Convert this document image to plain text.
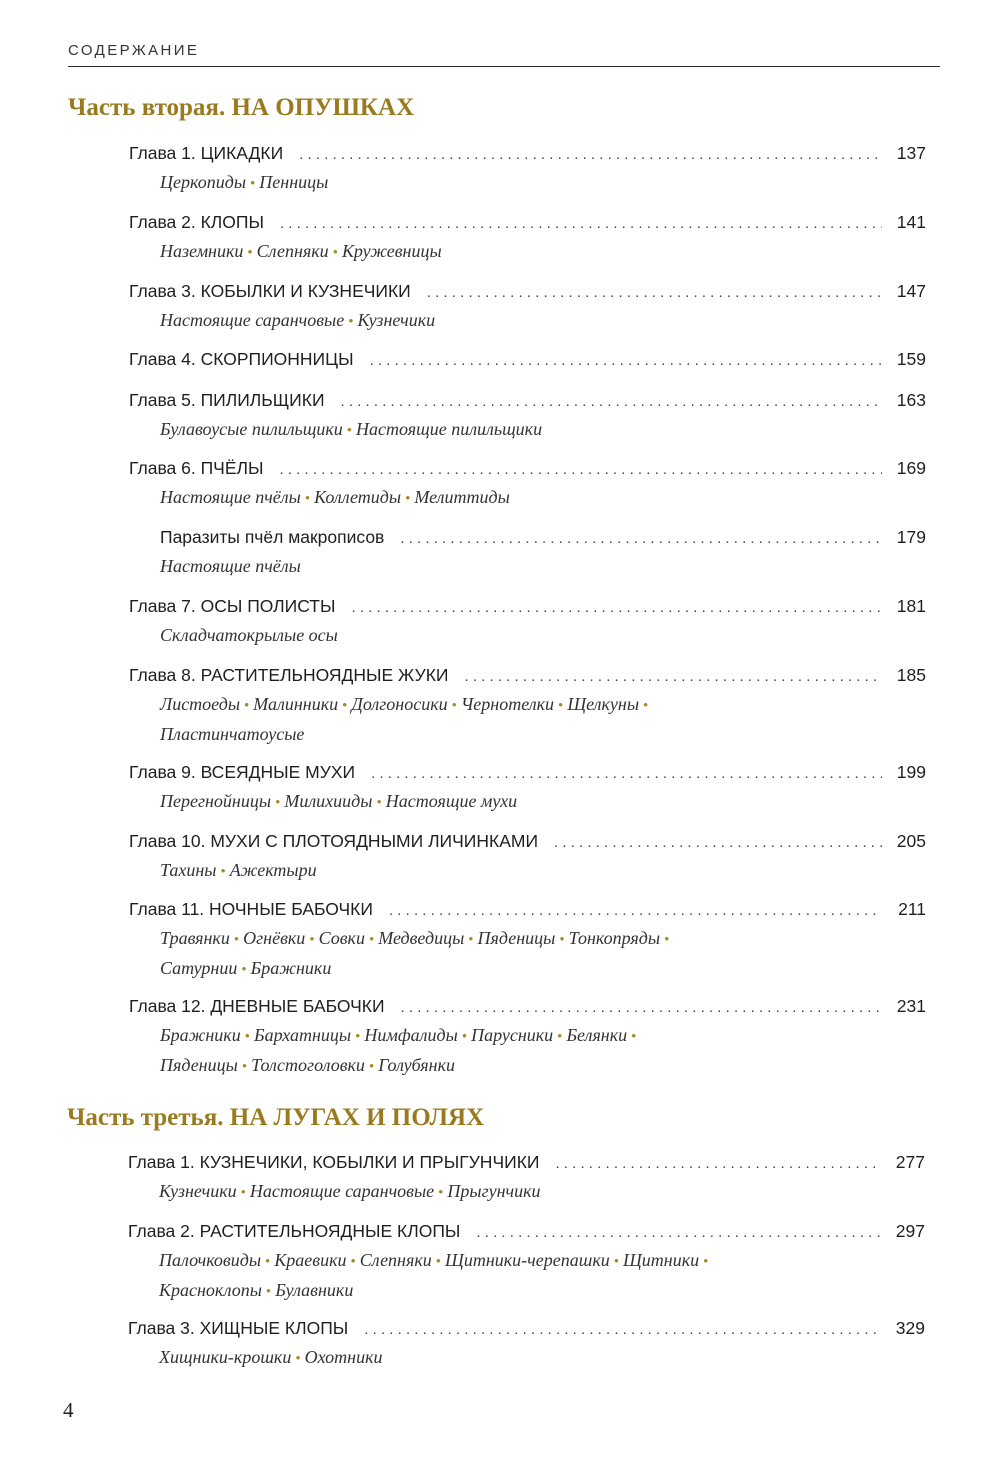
СОДЕРЖАНИЕ
Часть вторая. НА ОПУШКАХ
Глава 1. ЦИКАДКИ . . .	137
Церкопиды • Пенницы
Глава 2. КЛОПЫ . . .	141
Наземники • Слепняки • Кружевницы
Глава 3. КОБЫЛКИ И КУЗНЕЧИКИ . . .	147
Настоящие саранчовые • Кузнечики
Глава 4. СКОРПИОННИЦЫ . . .	159
Глава 5. ПИЛИЛЬЩИКИ . . .	163
Булавоусые пилильщики • Настоящие пилильщики
Глава 6. ПЧЁЛЫ . . .	169
Настоящие пчёлы • Коллетиды • Мелиттиды
Паразиты пчёл макрописов . . .	179
Настоящие пчёлы
Глава 7. ОСЫ ПОЛИСТЫ . . .	181
Складчатокрылые осы
Глава 8. РАСТИТЕЛЬНОЯДНЫЕ ЖУКИ . . .	185
Листоеды • Малинники • Долгоносики • Чернотелки • Щелкуны •
Пластинчатоусые
Глава 9. ВСЕЯДНЫЕ МУХИ . . .	199
Перегнойницы • Милихииды • Настоящие мухи
Глава 10. МУХИ С ПЛОТОЯДНЫМИ ЛИЧИНКАМИ . . .	205
Тахины • Ажектыри
Глава 11. НОЧНЫЕ БАБОЧКИ . . .	211
Травянки • Огнёвки • Совки • Медведицы • Пяденицы • Тонкопряды •
Сатурнии • Бражники
Глава 12. ДНЕВНЫЕ БАБОЧКИ . . .	231
Бражники • Бархатницы • Нимфалиды • Парусники • Белянки •
Пяденицы • Толстоголовки • Голубянки
Часть третья. НА ЛУГАХ И ПОЛЯХ
Глава 1. КУЗНЕЧИКИ, КОБЫЛКИ И ПРЫГУНЧИКИ . . .	277
Кузнечики • Настоящие саранчовые • Прыгунчики
Глава 2. РАСТИТЕЛЬНОЯДНЫЕ КЛОПЫ . . .	297
Палочковиды • Краевики • Слепняки • Щитники-черепашки • Щитники •
Красноклопы • Булавники
Глава 3. ХИЩНЫЕ КЛОПЫ . . .	329
Хищники-крошки • Охотники
4
